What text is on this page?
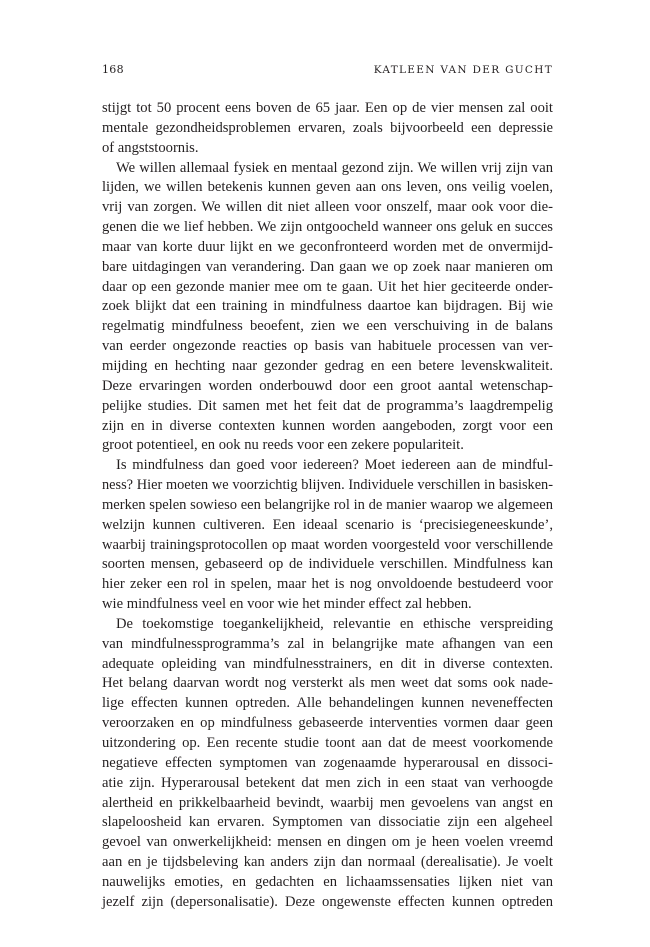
168	KATLEEN VAN DER GUCHT
stijgt tot 50 procent eens boven de 65 jaar. Een op de vier mensen zal ooit
mentale gezondheidsproblemen ervaren, zoals bijvoorbeeld een depressie
of angststoornis.
We willen allemaal fysiek en mentaal gezond zijn. We willen vrij zijn van
lijden, we willen betekenis kunnen geven aan ons leven, ons veilig voelen,
vrij van zorgen. We willen dit niet alleen voor onszelf, maar ook voor die-
genen die we lief hebben. We zijn ontgoocheld wanneer ons geluk en succes
maar van korte duur lijkt en we geconfronteerd worden met de onvermijd-
bare uitdagingen van verandering. Dan gaan we op zoek naar manieren om
daar op een gezonde manier mee om te gaan. Uit het hier geciteerde onder-
zoek blijkt dat een training in mindfulness daartoe kan bijdragen. Bij wie
regelmatig mindfulness beoefent, zien we een verschuiving in de balans
van eerder ongezonde reacties op basis van habituele processen van ver-
mijding en hechting naar gezonder gedrag en een betere levenskwaliteit.
Deze ervaringen worden onderbouwd door een groot aantal wetenschap-
pelijke studies. Dit samen met het feit dat de programma’s laagdrempelig
zijn en in diverse contexten kunnen worden aangeboden, zorgt voor een
groot potentieel, en ook nu reeds voor een zekere populariteit.
Is mindfulness dan goed voor iedereen? Moet iedereen aan de mindful-
ness? Hier moeten we voorzichtig blijven. Individuele verschillen in basisken-
merken spelen sowieso een belangrijke rol in de manier waarop we algemeen
welzijn kunnen cultiveren. Een ideaal scenario is ‘precisiegeneeskunde’,
waarbij trainingsprotocollen op maat worden voorgesteld voor verschillende
soorten mensen, gebaseerd op de individuele verschillen. Mindfulness kan
hier zeker een rol in spelen, maar het is nog onvoldoende bestudeerd voor
wie mindfulness veel en voor wie het minder effect zal hebben.
De toekomstige toegankelijkheid, relevantie en ethische verspreiding
van mindfulnessprogramma’s zal in belangrijke mate afhangen van een
adequate opleiding van mindfulnesstrainers, en dit in diverse contexten.
Het belang daarvan wordt nog versterkt als men weet dat soms ook nade-
lige effecten kunnen optreden. Alle behandelingen kunnen neveneffecten
veroorzaken en op mindfulness gebaseerde interventies vormen daar geen
uitzondering op. Een recente studie toont aan dat de meest voorkomende
negatieve effecten symptomen van zogenaamde hyperarousal en dissoci-
atie zijn. Hyperarousal betekent dat men zich in een staat van verhoogde
alertheid en prikkelbaarheid bevindt, waarbij men gevoelens van angst en
slapeloosheid kan ervaren. Symptomen van dissociatie zijn een algeheel
gevoel van onwerkelijkheid: mensen en dingen om je heen voelen vreemd
aan en je tijdsbeleving kan anders zijn dan normaal (derealisatie). Je voelt
nauwelijks emoties, en gedachten en lichaamssensaties lijken niet van
jezelf zijn (depersonalisatie). Deze ongewenste effecten kunnen optreden
